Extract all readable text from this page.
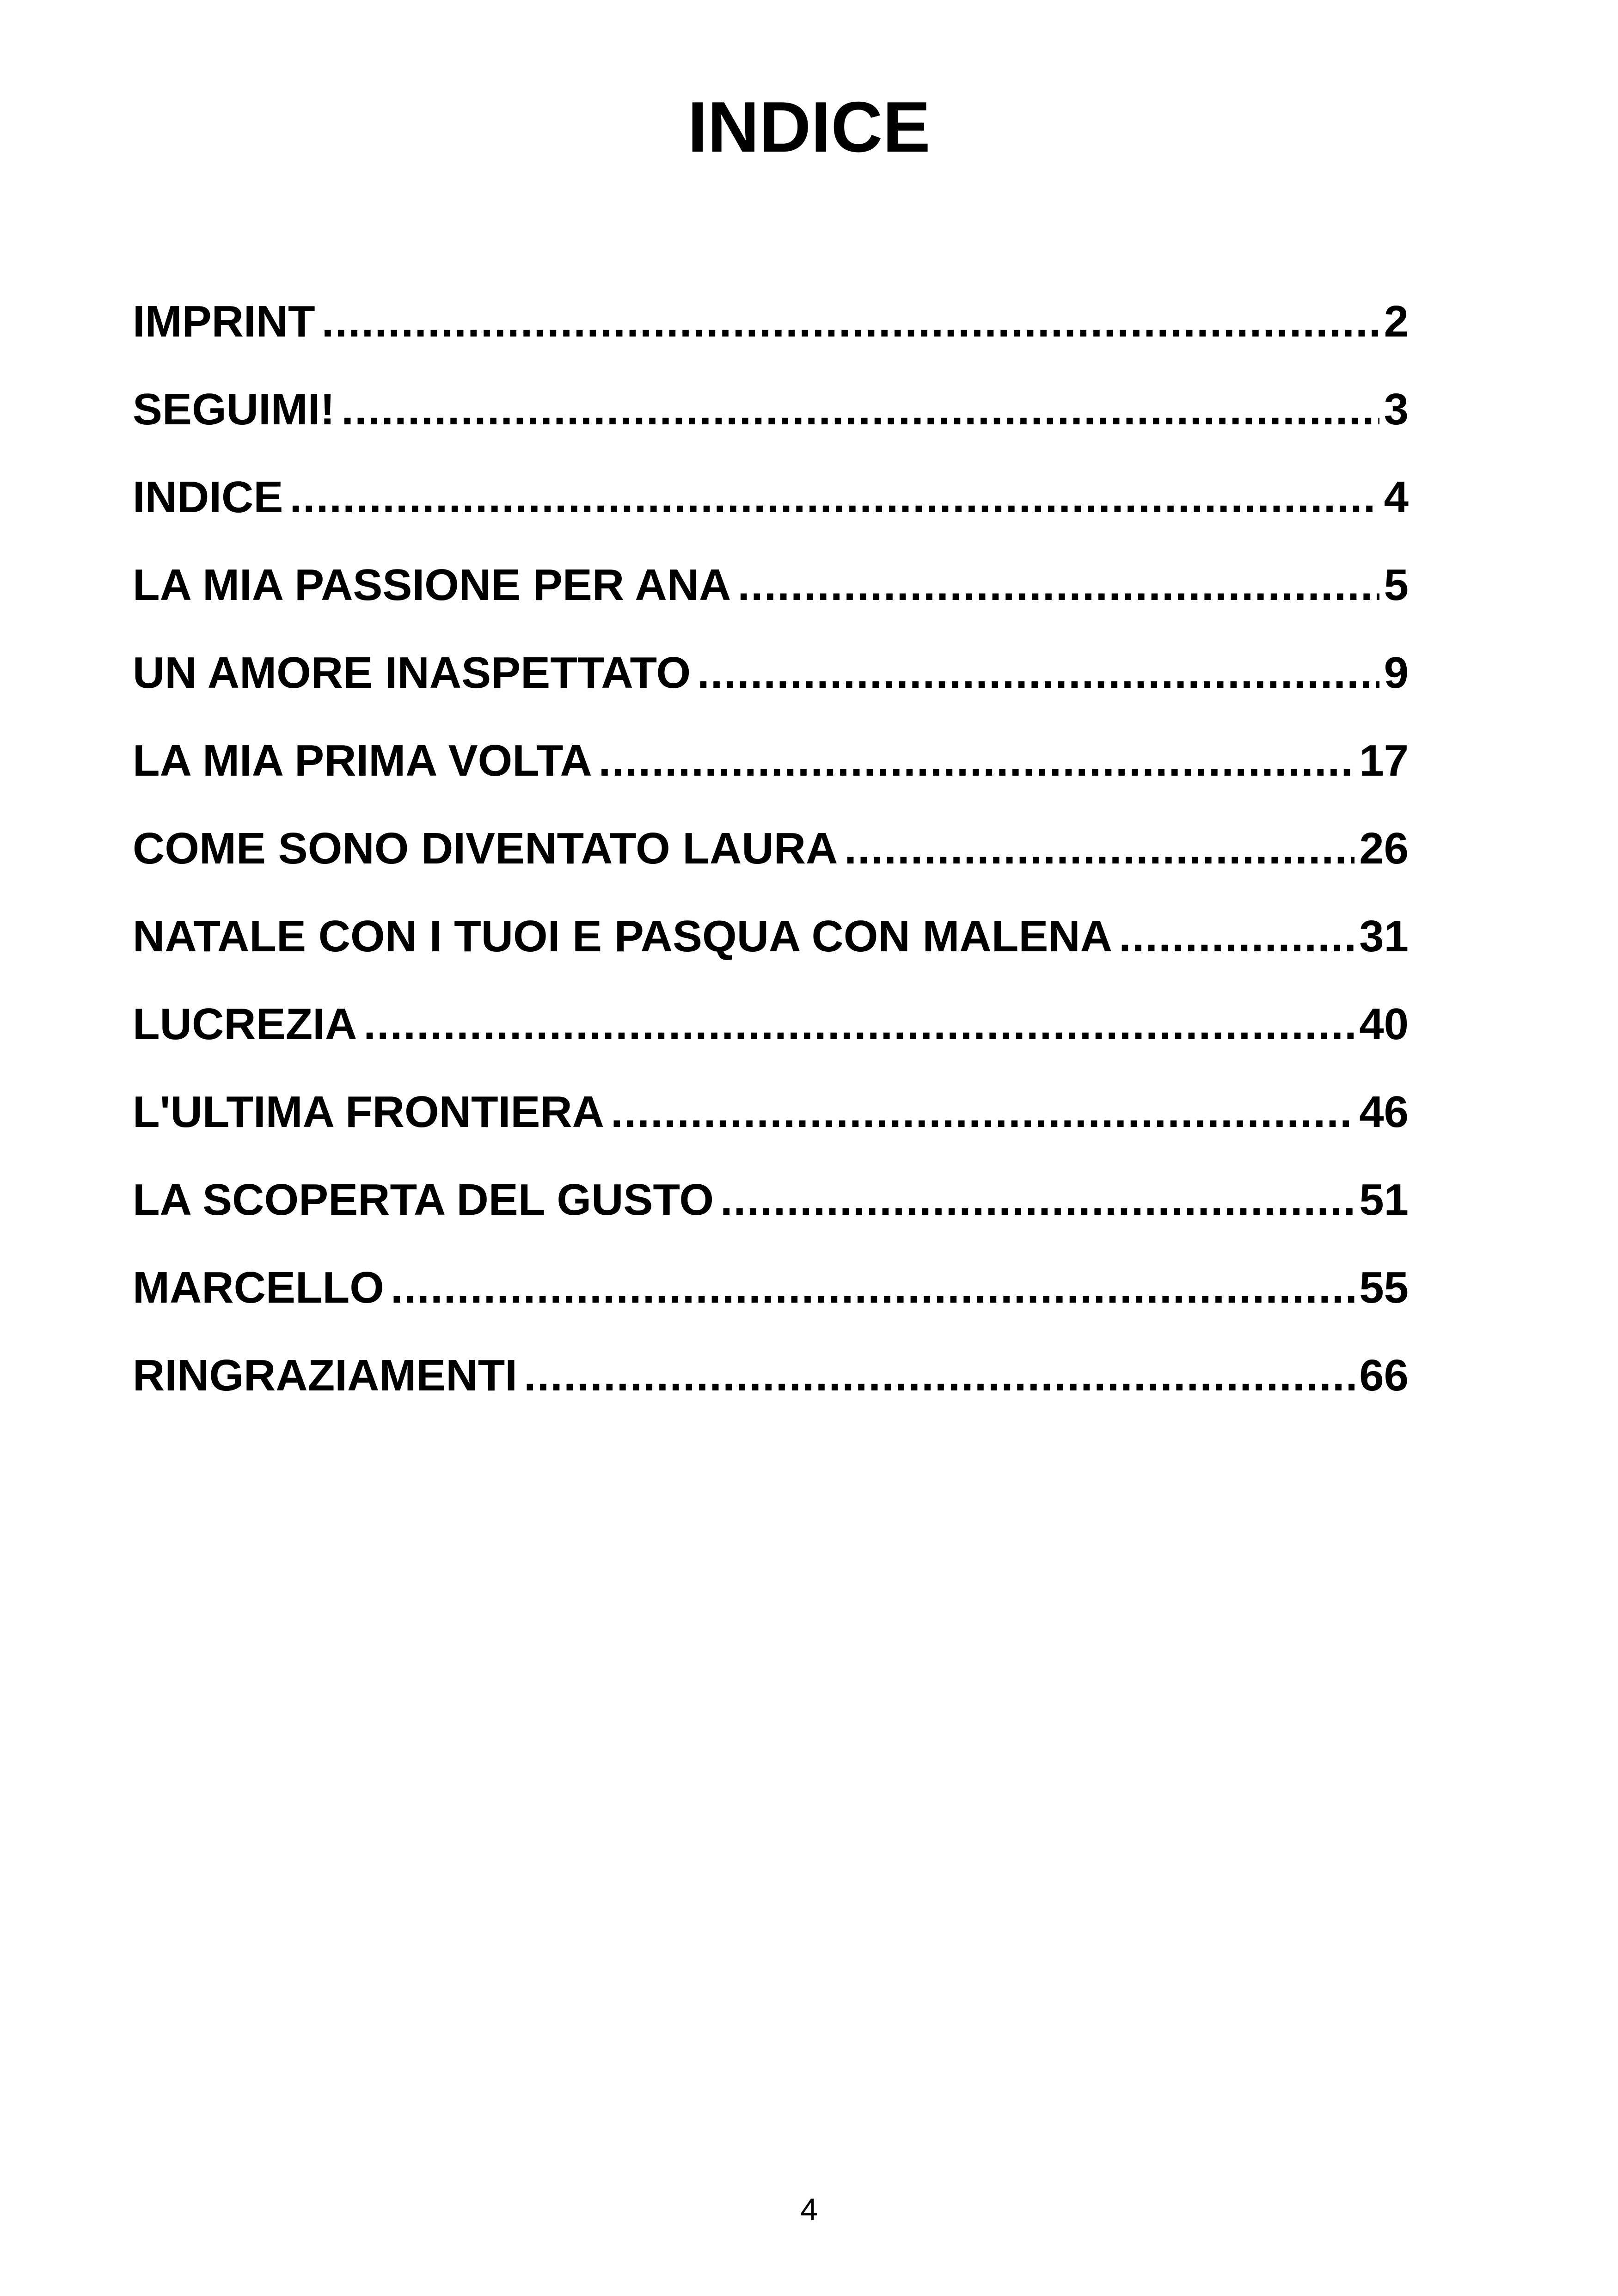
INDICE
IMPRINT .....	2
SEGUIMI! .....	3
INDICE .....	4
LA MIA PASSIONE PER ANA .....	5
UN AMORE INASPETTATO .....	9
LA MIA PRIMA VOLTA .....	17
COME SONO DIVENTATO LAURA .....	26
NATALE CON I TUOI E PASQUA CON MALENA .....	31
LUCREZIA .....	40
L'ULTIMA FRONTIERA .....	46
LA SCOPERTA DEL GUSTO .....	51
MARCELLO .....	55
RINGRAZIAMENTI .....	66
4
